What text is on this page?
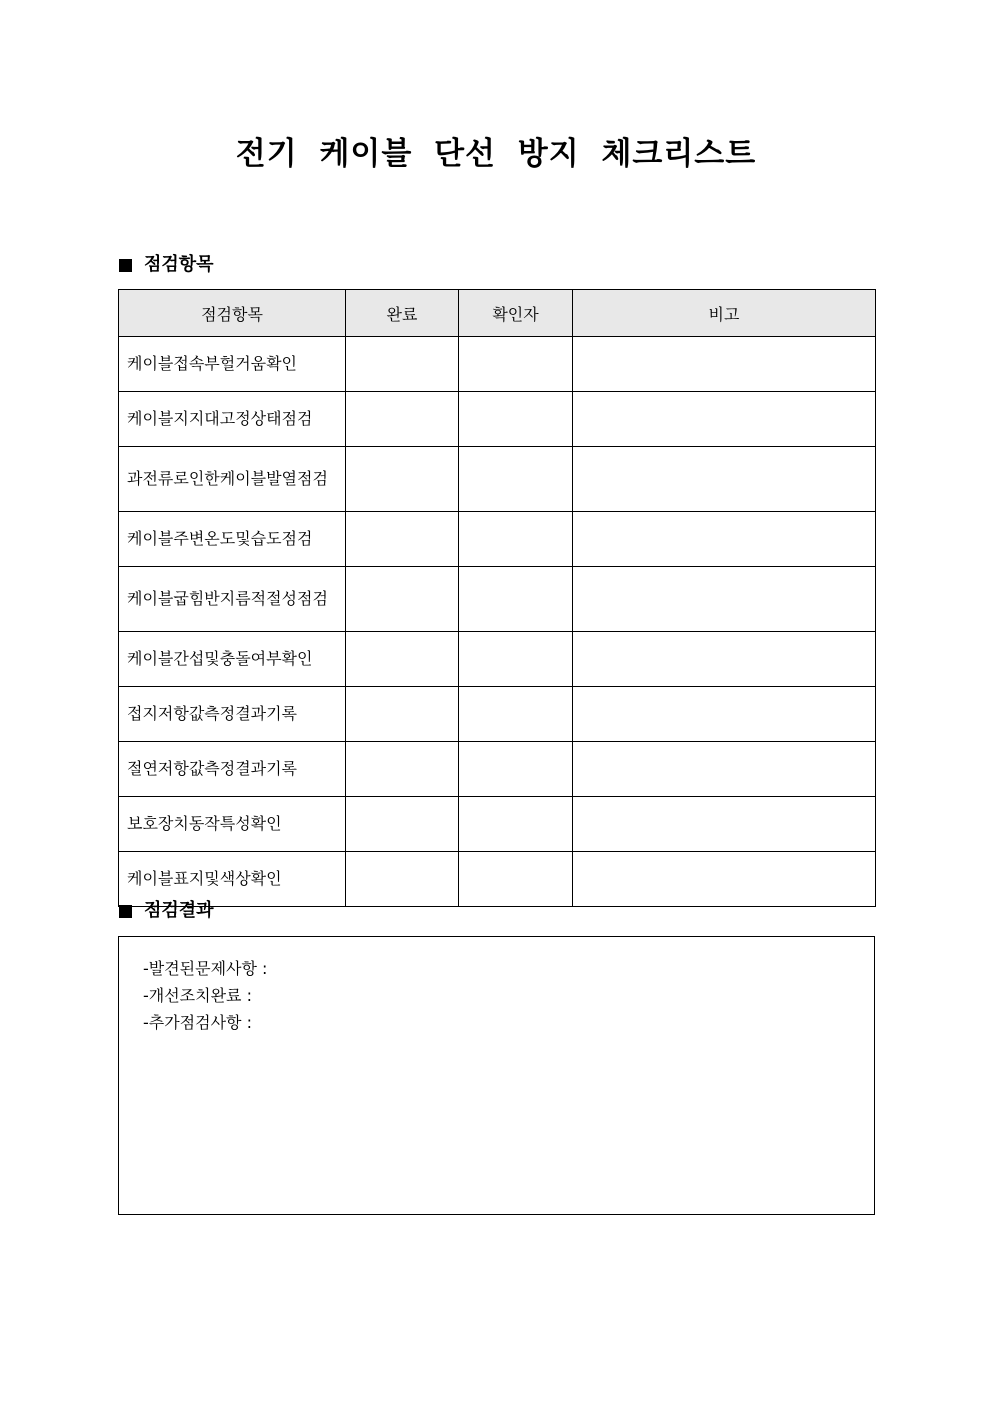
전기 케이블 단선 방지 체크리스트
점검항목
점검항목	완료	확인자	비고
케이블접속부헐거움확인			
케이블지지대고정상태점검			
과전류로인한케이블발열점검			
케이블주변온도및습도점검			
케이블굽힘반지름적절성점검			
케이블간섭및충돌여부확인			
접지저항값측정결과기록			
절연저항값측정결과기록			
보호장치동작특성확인			
케이블표지및색상확인			
점검결과
-발견된문제사항 :
-개선조치완료 :
-추가점검사항 :
